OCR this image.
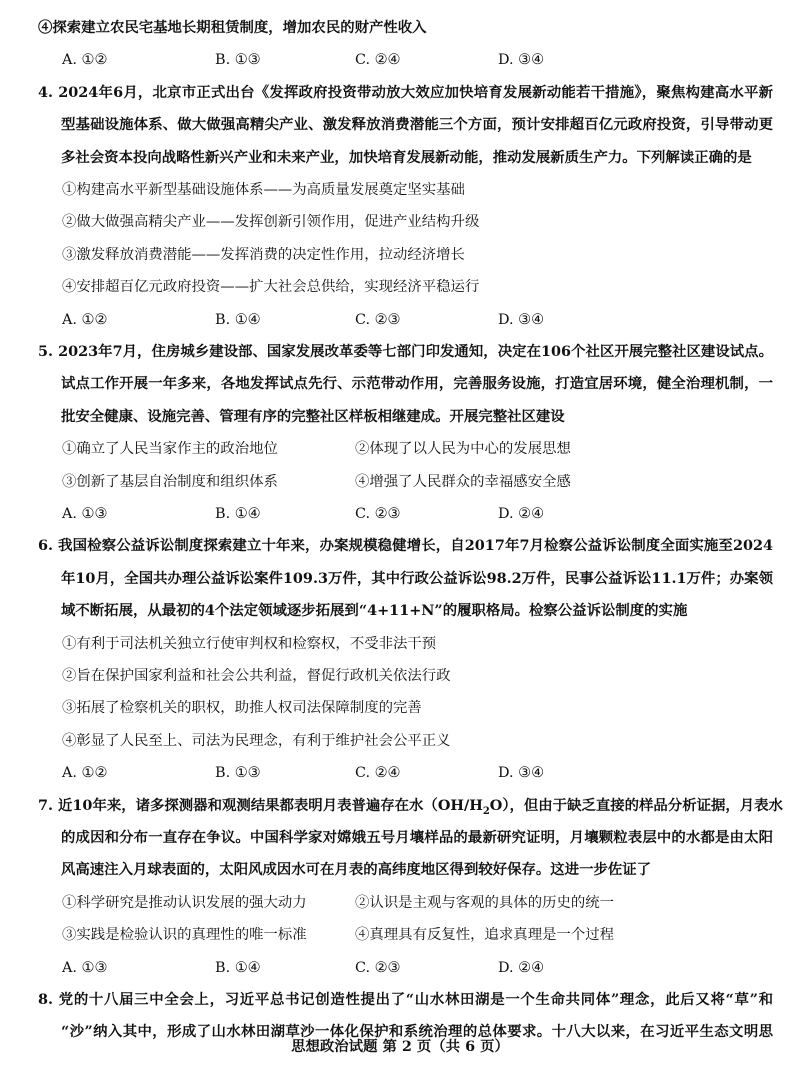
④探索建立农民宅基地长期租赁制度，增加农民的财产性收入
A. ①②	B. ①③	C. ②④	D. ③④
4. 2024年6月，北京市正式出台《发挥政府投资带动放大效应加快培育发展新动能若干措施》，聚焦构建高水平新
型基础设施体系、做大做强高精尖产业、激发释放消费潜能三个方面，预计安排超百亿元政府投资，引导带动更
多社会资本投向战略性新兴产业和未来产业，加快培育发展新动能，推动发展新质生产力。下列解读正确的是
①构建高水平新型基础设施体系——为高质量发展奠定坚实基础
②做大做强高精尖产业——发挥创新引领作用，促进产业结构升级
③激发释放消费潜能——发挥消费的决定性作用，拉动经济增长
④安排超百亿元政府投资——扩大社会总供给，实现经济平稳运行
A. ①②	B. ①④	C. ②③	D. ③④
5. 2023年7月，住房城乡建设部、国家发展改革委等七部门印发通知，决定在106个社区开展完整社区建设试点。
试点工作开展一年多来，各地发挥试点先行、示范带动作用，完善服务设施，打造宜居环境，健全治理机制，一
批安全健康、设施完善、管理有序的完整社区样板相继建成。开展完整社区建设
①确立了人民当家作主的政治地位	②体现了以人民为中心的发展思想
③创新了基层自治制度和组织体系	④增强了人民群众的幸福感安全感
A. ①③	B. ①④	C. ②③	D. ②④
6. 我国检察公益诉讼制度探索建立十年来，办案规模稳健增长，自2017年7月检察公益诉讼制度全面实施至2024
年10月，全国共办理公益诉讼案件109.3万件，其中行政公益诉讼98.2万件，民事公益诉讼11.1万件；办案领
域不断拓展，从最初的4个法定领域逐步拓展到“4+11+N”的履职格局。检察公益诉讼制度的实施
①有利于司法机关独立行使审判权和检察权，不受非法干预
②旨在保护国家利益和社会公共利益，督促行政机关依法行政
③拓展了检察机关的职权，助推人权司法保障制度的完善
④彰显了人民至上、司法为民理念，有利于维护社会公平正义
A. ①②	B. ①③	C. ②④	D. ③④
7. 近10年来，诸多探测器和观测结果都表明月表普遍存在水$(OH/H_2O)$，但由于缺乏直接的样品分析证据，月表水
的成因和分布一直存在争议。中国科学家对嫦娥五号月壤样品的最新研究证明，月壤颗粒表层中的水都是由太阳
风高速注入月球表面的，太阳风成因水可在月表的高纬度地区得到较好保存。这进一步佐证了
①科学研究是推动认识发展的强大动力	②认识是主观与客观的具体的历史的统一
③实践是检验认识的真理性的唯一标准	④真理具有反复性，追求真理是一个过程
A. ①③	B. ①④	C. ②③	D. ②④
思想政治试题 第 2 页（共 6 页）
8. 党的十八届三中全会上，习近平总书记创造性提出了“山水林田湖是一个生命共同体”理念，此后又将“草”和
“沙”纳入其中，形成了山水林田湖草沙一体化保护和系统治理的总体要求。十八大以来，在习近平生态文明思
